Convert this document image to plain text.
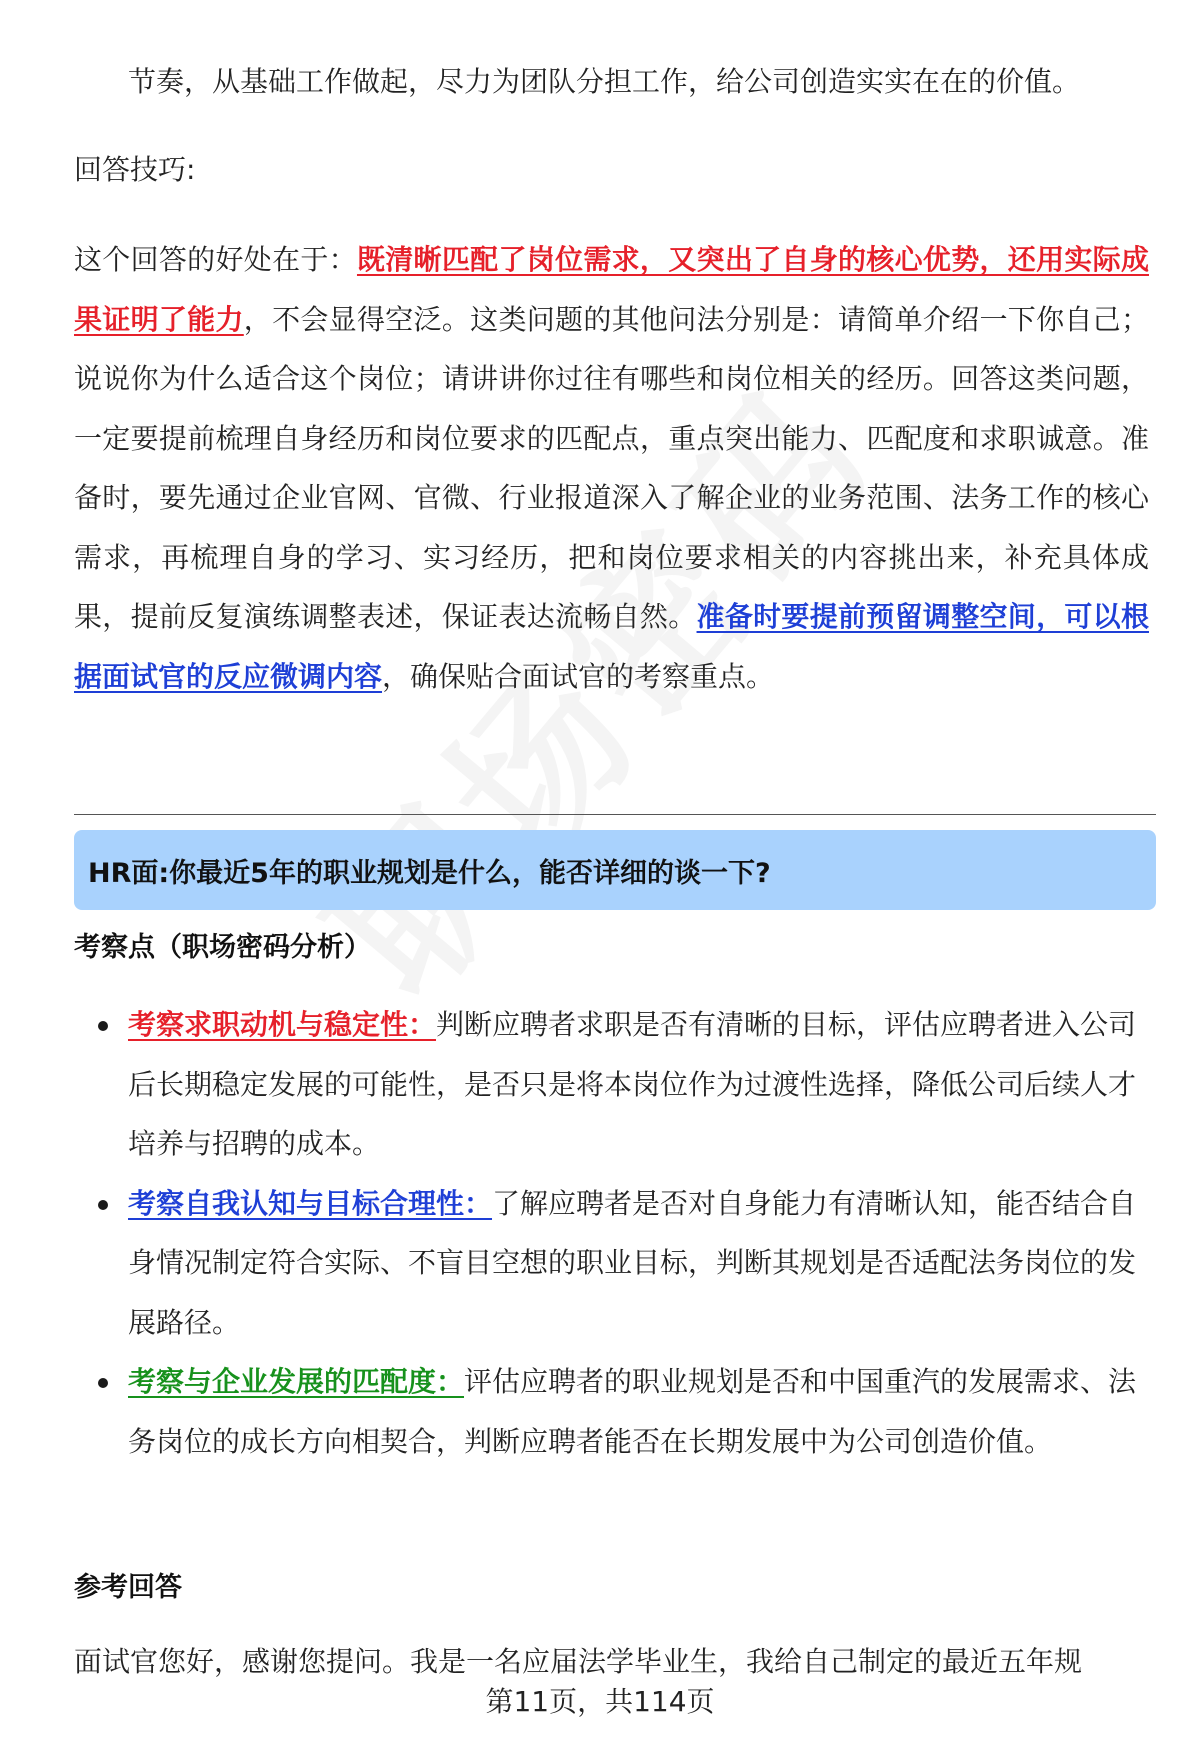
节奏，从基础工作做起，尽力为团队分担工作，给公司创造实实在在的价值。

回答技巧:

这个回答的好处在于：既清晰匹配了岗位需求，又突出了自身的核心优势，还用实际成果证明了能力，不会显得空泛。这类问题的其他问法分别是：请简单介绍一下你自己；说说你为什么适合这个岗位；请讲讲你过往有哪些和岗位相关的经历。回答这类问题，一定要提前梳理自身经历和岗位要求的匹配点，重点突出能力、匹配度和求职诚意。准备时，要先通过企业官网、官微、行业报道深入了解企业的业务范围、法务工作的核心需求，再梳理自身的学习、实习经历，把和岗位要求相关的内容挑出来，补充具体成果，提前反复演练调整表述，保证表达流畅自然。准备时要提前预留调整空间，可以根据面试官的反应微调内容，确保贴合面试官的考察重点。

HR面:你最近5年的职业规划是什么，能否详细的谈一下?
考察点（职场密码分析）
考察求职动机与稳定性：判断应聘者求职是否有清晰的目标，评估应聘者进入公司后长期稳定发展的可能性，是否只是将本岗位作为过渡性选择，降低公司后续人才培养与招聘的成本。
考察自我认知与目标合理性：了解应聘者是否对自身能力有清晰认知，能否结合自身情况制定符合实际、不盲目空想的职业目标，判断其规划是否适配法务岗位的发展路径。
考察与企业发展的匹配度：评估应聘者的职业规划是否和中国重汽的发展需求、法务岗位的成长方向相契合，判断应聘者能否在长期发展中为公司创造价值。
参考回答

面试官您好，感谢您提问。我是一名应届法学毕业生，我给自己制定的最近五年规

第11页，共114页
